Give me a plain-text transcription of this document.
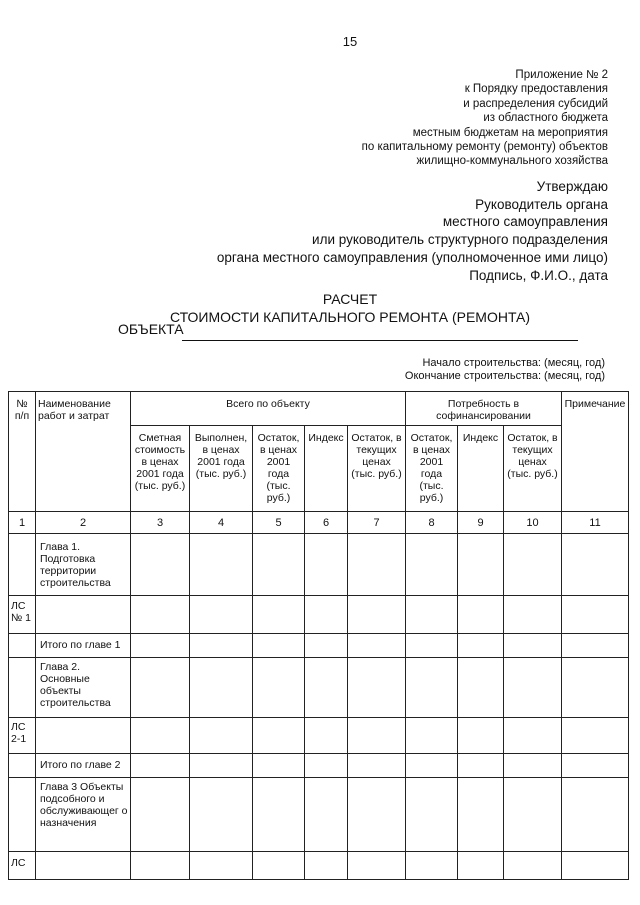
15
Приложение № 2
к Порядку предоставления
и распределения субсидий
из областного бюджета
местным бюджетам на мероприятия
по капитальному ремонту (ремонту) объектов
жилищно-коммунального хозяйства
Утверждаю
Руководитель органа
местного самоуправления
или руководитель структурного подразделения
органа местного самоуправления (уполномоченное ими лицо)
Подпись, Ф.И.О., дата
РАСЧЕТ
СТОИМОСТИ КАПИТАЛЬНОГО РЕМОНТА (РЕМОНТА)
ОБЪЕКТА
Начало строительства: (месяц, год)
Окончание строительства: (месяц, год)
№ п/п	Наименование работ и затрат	Всего по объекту					Потребность в софинансировании			Примечание
		Сметная стоимость в ценах 2001 года (тыс. руб.)	Выполнен, в ценах 2001 года (тыс. руб.)	Остаток, в ценах 2001 года (тыс. руб.)	Индекс	Остаток, в текущих ценах (тыс. руб.)	Остаток, в ценах 2001 года (тыс. руб.)	Индекс	Остаток, в текущих ценах (тыс. руб.)	
1	2	3	4	5	6	7	8	9	10	11
	Глава 1. Подготовка территории строительства									
ЛС № 1										
	Итого по главе 1									
	Глава 2. Основные объекты строительства									
ЛС 2-1										
	Итого по главе 2									
	Глава 3 Объекты подсобного и обслуживающег о назначения									
ЛС										
